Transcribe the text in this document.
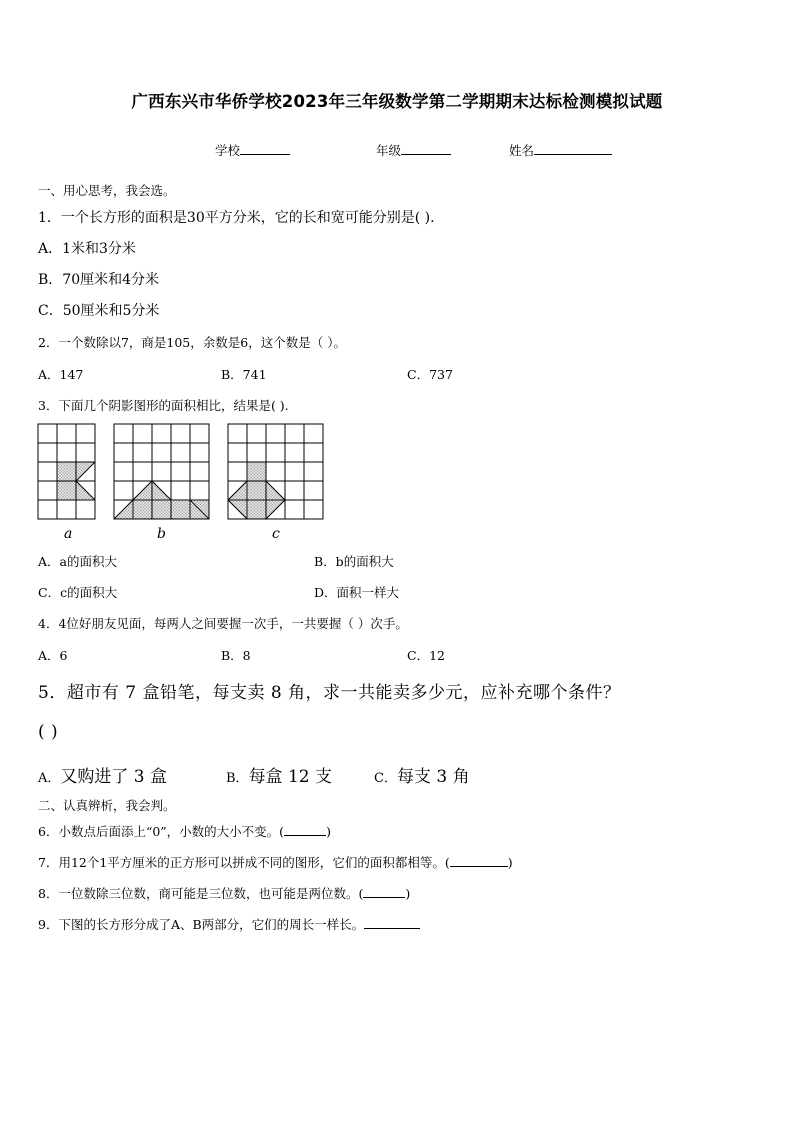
广西东兴市华侨学校2023年三年级数学第二学期期末达标检测模拟试题
学校	年级	姓名
一、用心思考，我会选。
1．一个长方形的面积是30平方分米，它的长和宽可能分别是( ).
A．1米和3分米
B．70厘米和4分米
C．50厘米和5分米
2．一个数除以7，商是105，余数是6，这个数是（ ）。
A．147	B．741	C．737
3．下面几个阴影图形的面积相比，结果是( ).
a	b	c
A．a的面积大	B．b的面积大
C．c的面积大	D．面积一样大
4．4位好朋友见面，每两人之间要握一次手，一共要握（ ）次手。
A．6	B．8	C．12
5．超市有 7 盒铅笔，每支卖 8 角，求一共能卖多少元，应补充哪个条件？
( )
A．又购进了 3 盒	B．每盒 12 支	C．每支 3 角
二、认真辨析，我会判。
6．小数点后面添上“0”，小数的大小不变。(	)
7．用12个1平方厘米的正方形可以拼成不同的图形，它们的面积都相等。(	)
8．一位数除三位数，商可能是三位数，也可能是两位数。(	)
9．下图的长方形分成了A、B两部分，它们的周长一样长。
